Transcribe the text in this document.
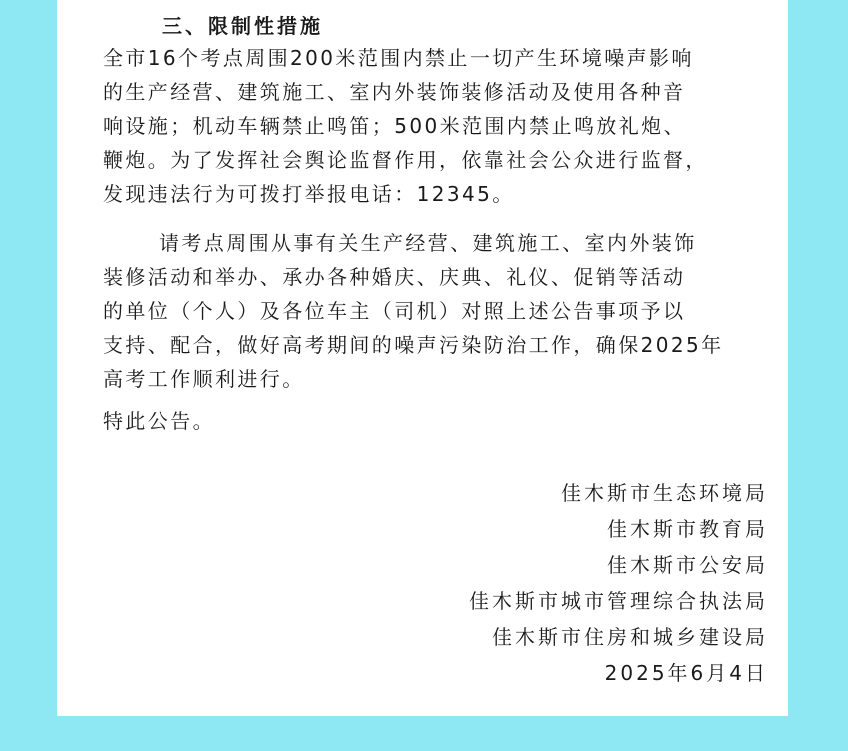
三、限制性措施
全市16个考点周围200米范围内禁止一切产生环境噪声影响
的生产经营、建筑施工、室内外装饰装修活动及使用各种音
响设施；机动车辆禁止鸣笛；500米范围内禁止鸣放礼炮、
鞭炮。为了发挥社会舆论监督作用，依靠社会公众进行监督，
发现违法行为可拨打举报电话：12345。
请考点周围从事有关生产经营、建筑施工、室内外装饰
装修活动和举办、承办各种婚庆、庆典、礼仪、促销等活动
的单位（个人）及各位车主（司机）对照上述公告事项予以
支持、配合，做好高考期间的噪声污染防治工作，确保2025年
高考工作顺利进行。
特此公告。
佳木斯市生态环境局
佳木斯市教育局
佳木斯市公安局
佳木斯市城市管理综合执法局
佳木斯市住房和城乡建设局
2025年6月4日
